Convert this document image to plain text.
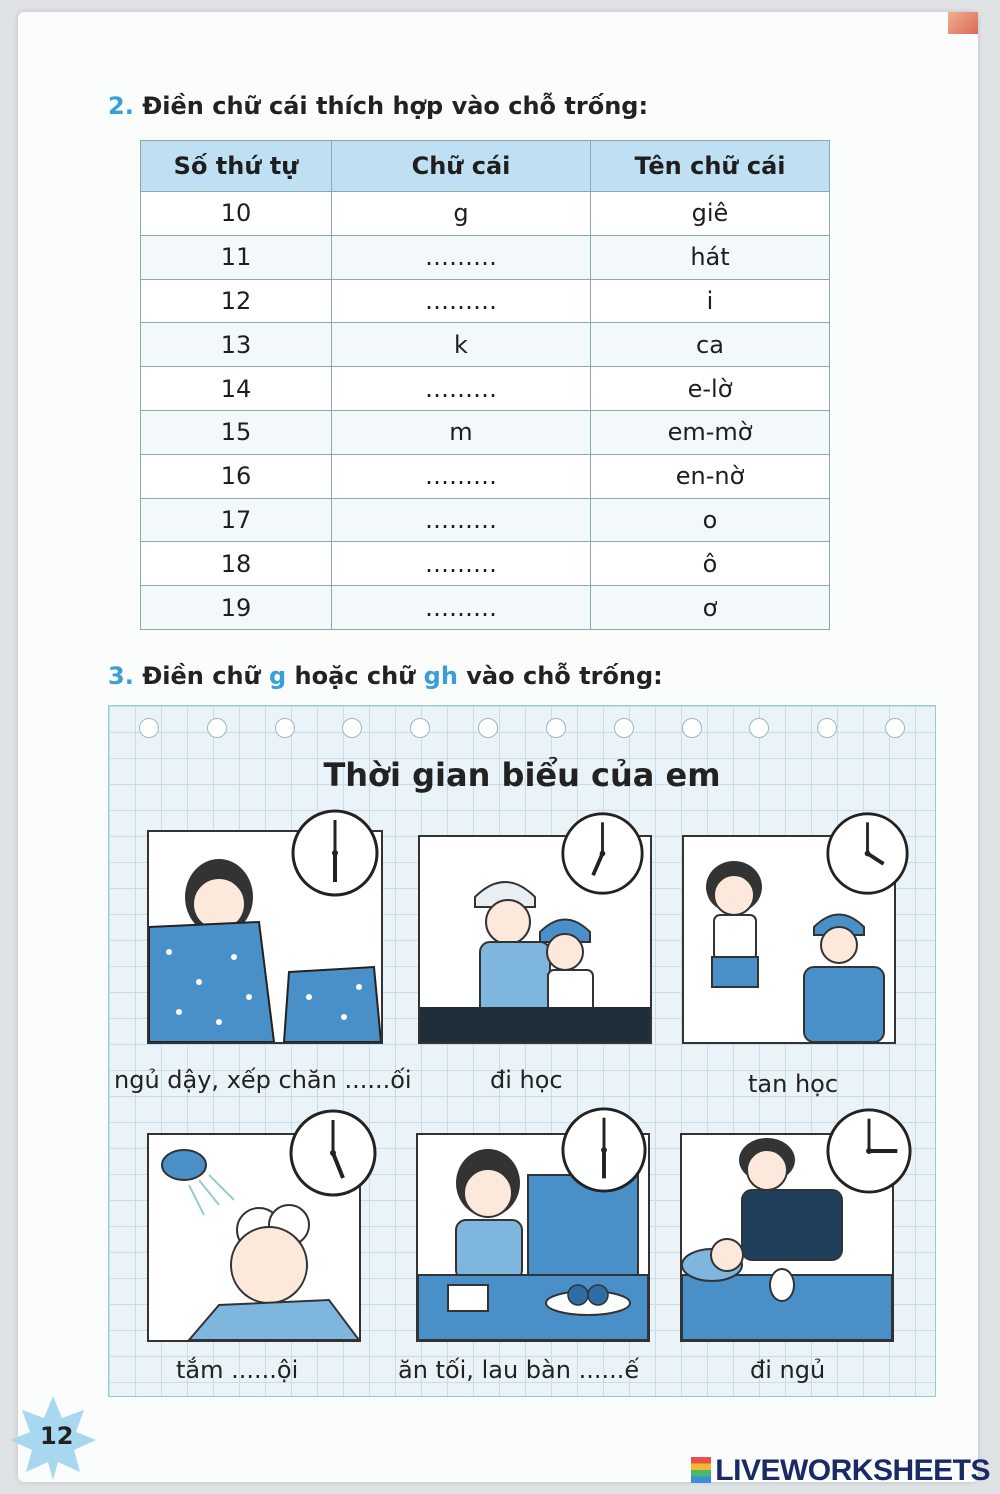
2. Điền chữ cái thích hợp vào chỗ trống:
Số thứ tự	Chữ cái	Tên chữ cái
10	g	giê
11	………	hát
12	………	i
13	k	ca
14	………	e-lờ
15	m	em-mờ
16	………	en-nờ
17	………	o
18	………	ô
19	………	ơ
3. Điền chữ g hoặc chữ gh vào chỗ trống:
Thời gian biểu của em
ngủ dậy, xếp chăn ......ối	đi học	tan học
tắm ......ội	ăn tối, lau bàn ......ế	đi ngủ
12
LIVEWORKSHEETS
